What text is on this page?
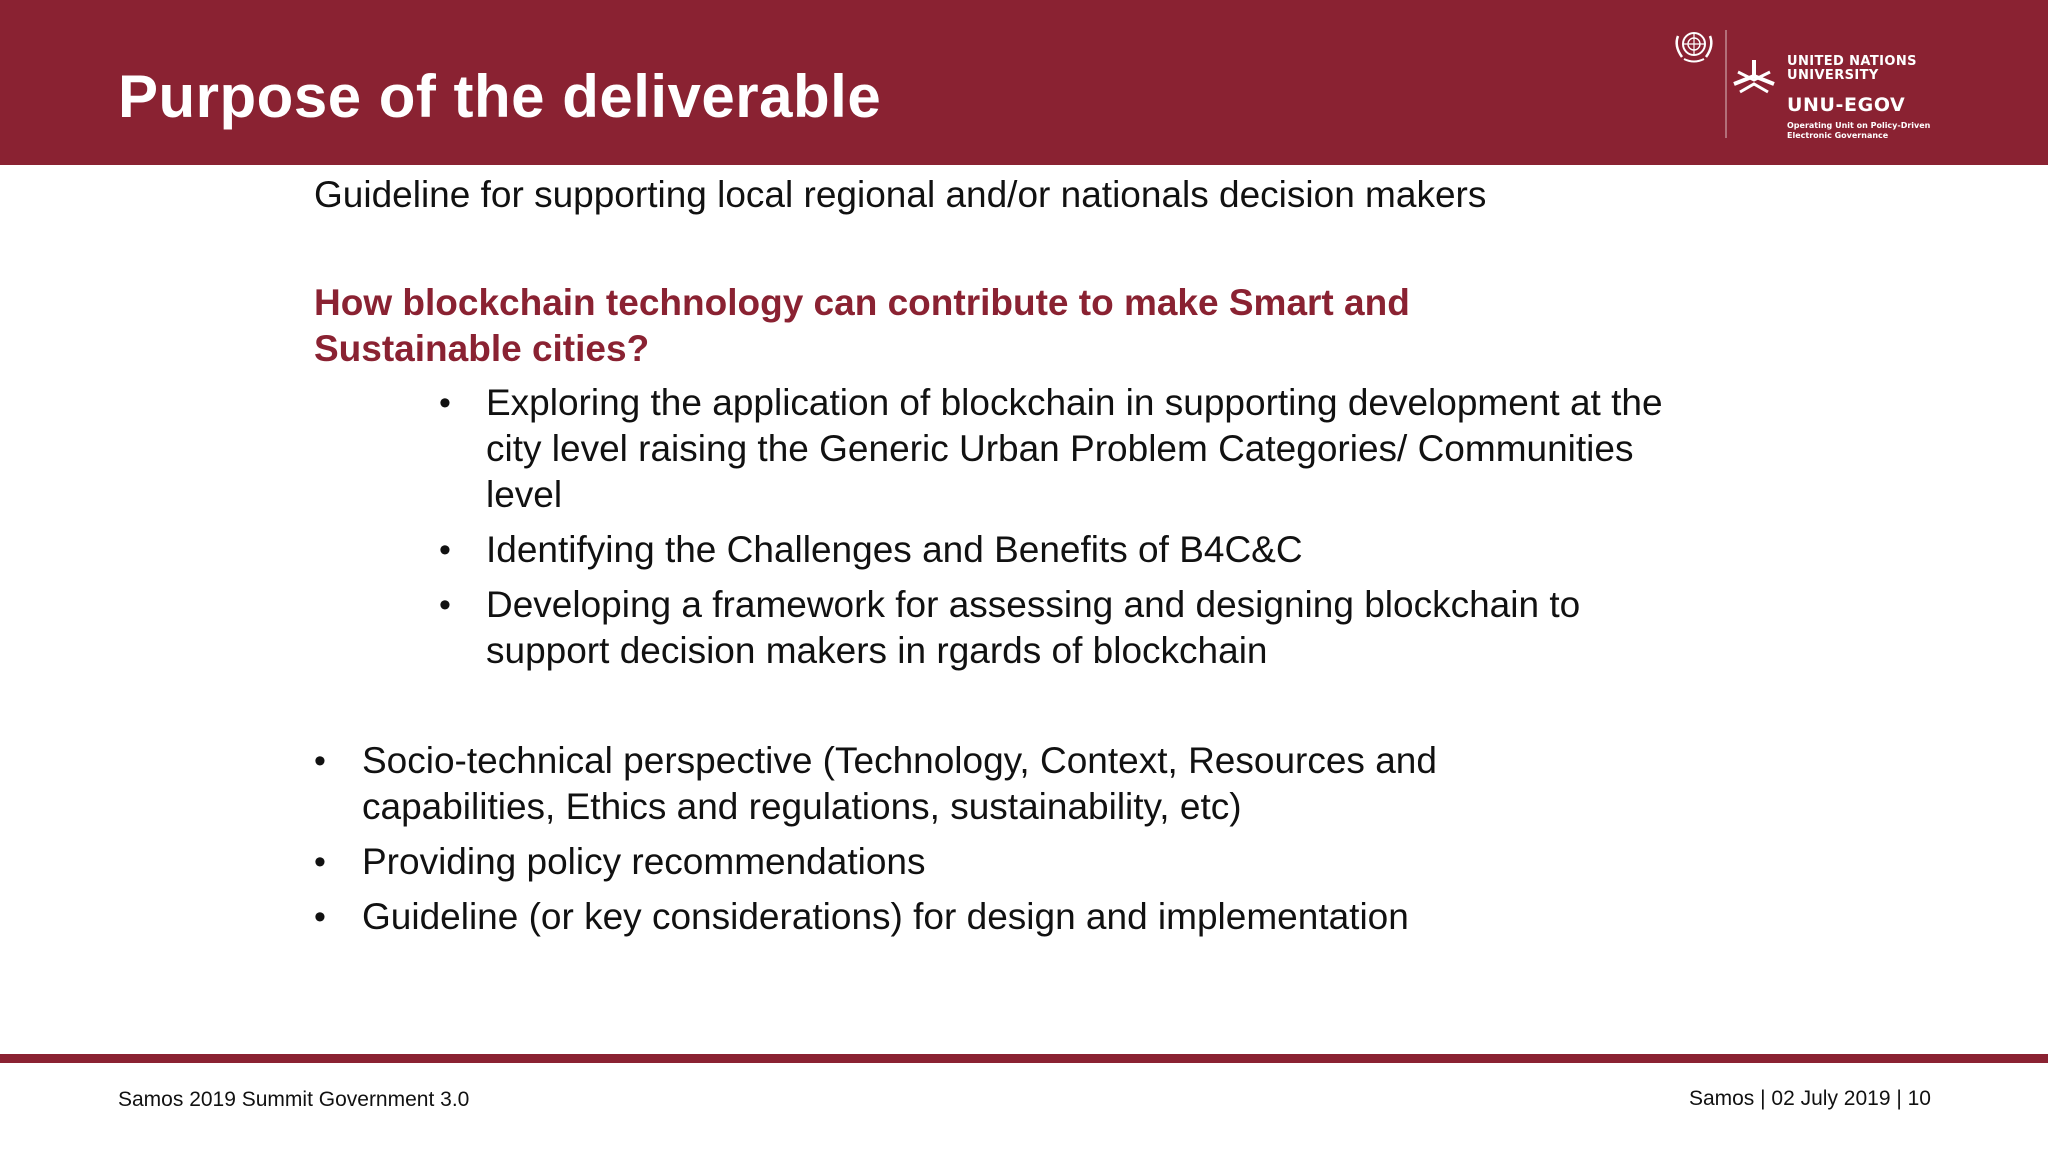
Purpose of the deliverable
UNITED NATIONS UNIVERSITY
UNU-EGOV
Operating Unit on Policy-Driven Electronic Governance

Guideline for supporting local regional and/or nationals decision makers

How blockchain technology can contribute to make Smart and Sustainable cities?

• Exploring the application of blockchain in supporting development at the city level raising the Generic Urban Problem Categories/ Communities level
• Identifying the Challenges and Benefits of B4C&C
• Developing a framework for assessing and designing blockchain to support decision makers in rgards of blockchain
• Socio-technical perspective (Technology, Context, Resources and capabilities, Ethics and regulations, sustainability, etc)
• Providing policy recommendations
• Guideline (or key considerations) for design and implementation
Samos 2019 Summit Government 3.0	Samos | 02 July 2019 | 10
